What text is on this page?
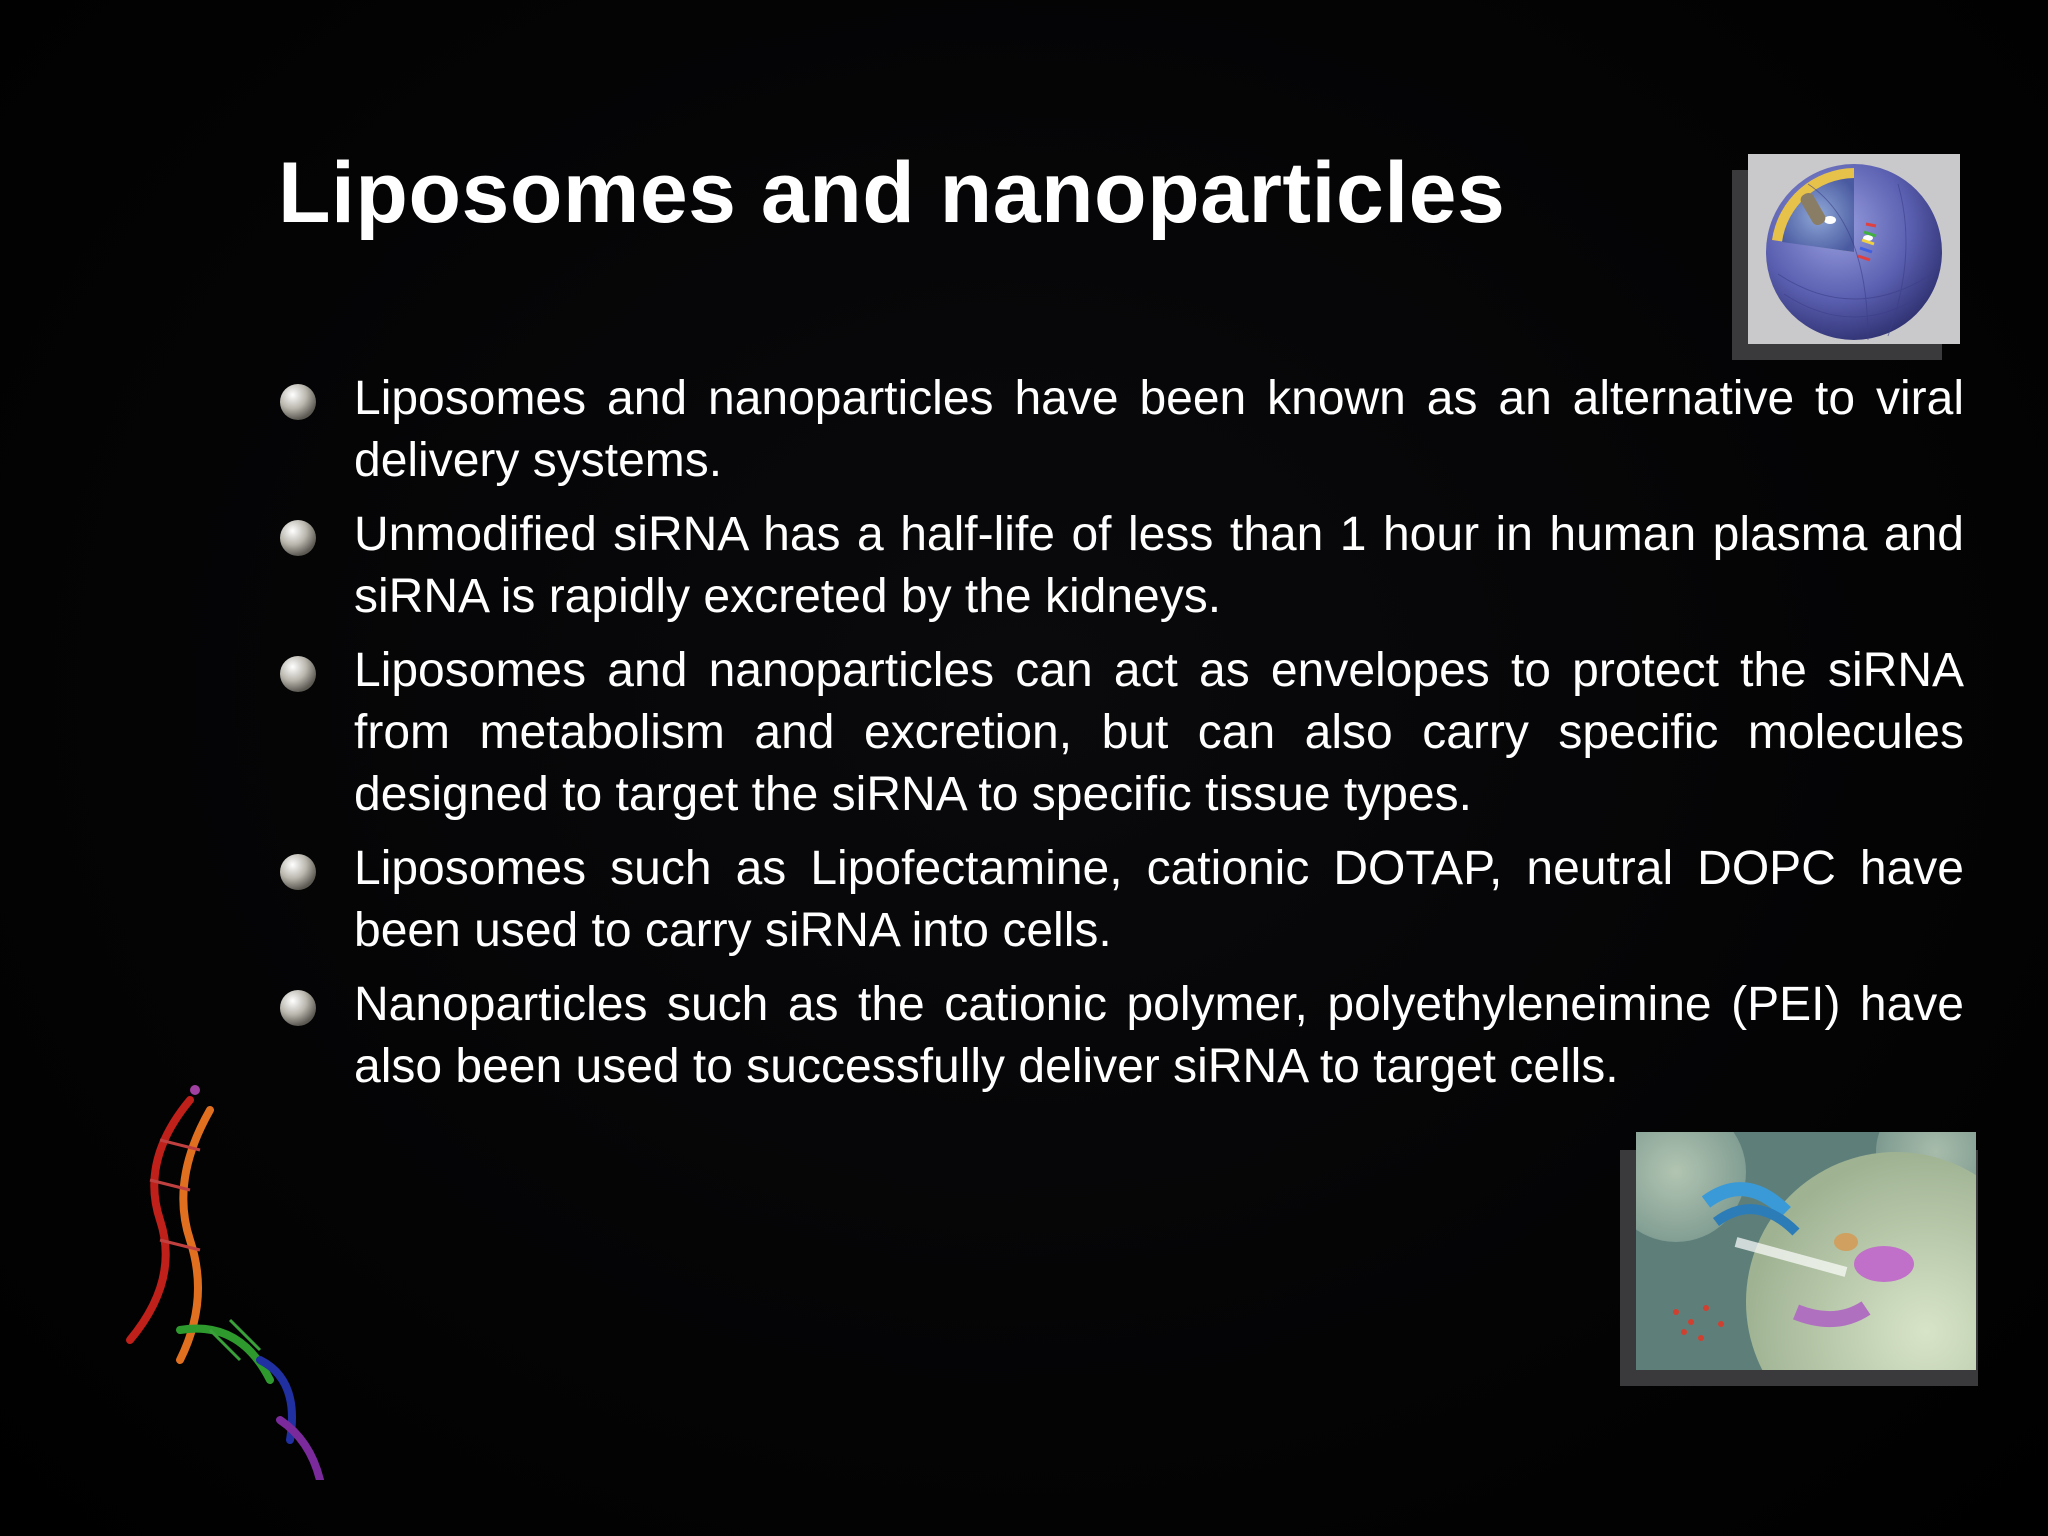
Liposomes and nanoparticles
Liposomes and nanoparticles have been known as an alternative to viral delivery systems.
Unmodified siRNA has a half-life of less than 1 hour in human plasma and siRNA is rapidly excreted by the kidneys.
Liposomes and nanoparticles can act as envelopes to protect the siRNA from metabolism and excretion, but can also carry specific molecules designed to target the siRNA to specific tissue types.
Liposomes such as Lipofectamine, cationic DOTAP, neutral DOPC have been used to carry siRNA into cells.
Nanoparticles such as the cationic polymer, polyethyleneimine (PEI) have also been used to successfully deliver siRNA to target cells.
